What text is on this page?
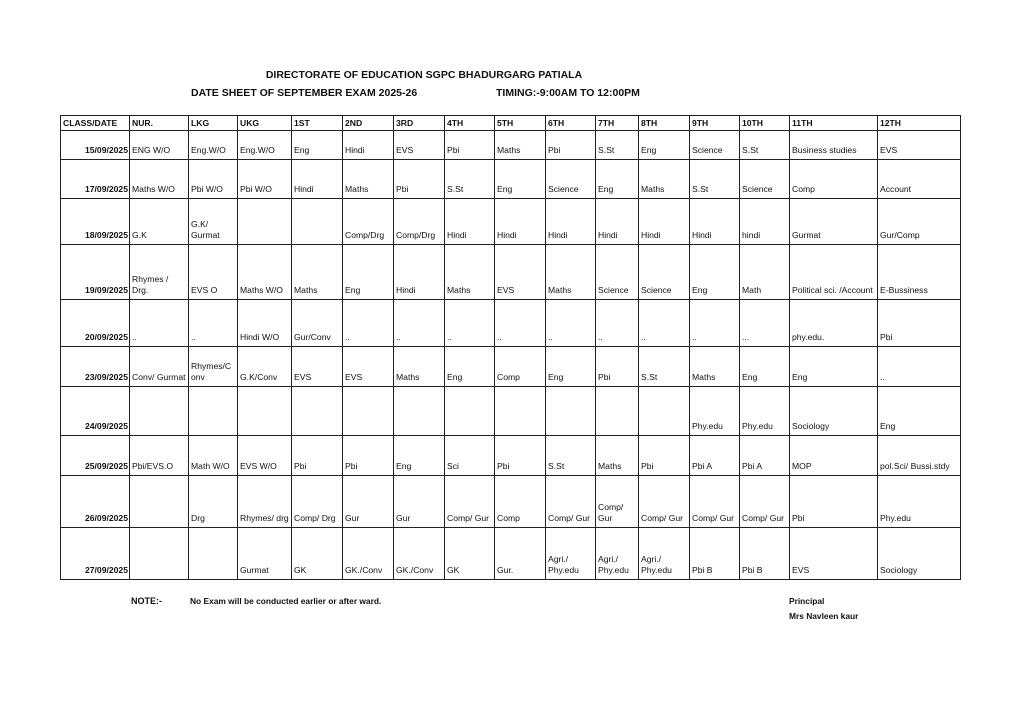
DIRECTORATE OF EDUCATION SGPC BHADURGARG PATIALA
DATE SHEET OF SEPTEMBER EXAM 2025-26	TIMING:-9:00AM TO 12:00PM
CLASS/DATE	NUR.	LKG	UKG	1ST	2ND	3RD	4TH	5TH	6TH	7TH	8TH	9TH	10TH	11TH	12TH
15/09/2025	ENG W/O	Eng.W/O	Eng.W/O	Eng	Hindi	EVS	Pbi	Maths	Pbi	S.St	Eng	Science	S.St	Business studies	EVS
17/09/2025	Maths W/O	Pbi W/O	Pbi W/O	Hindi	Maths	Pbi	S.St	Eng	Science	Eng	Maths	S.St	Science	Comp	Account
18/09/2025	G.K	G.K/ Gurmat			Comp/Drg	Comp/Drg	Hindi	Hindi	Hindi	Hindi	Hindi	Hindi	hindi	Gurmat	Gur/Comp
19/09/2025	Rhymes / Drg.	EVS O	Maths W/O	Maths	Eng	Hindi	Maths	EVS	Maths	Science	Science	Eng	Math	Political sci. /Account	E-Bussiness
20/09/2025	..	..	Hindi W/O	Gur/Conv	..	..	..	..	..	..	..	..	...	phy.edu.	Pbi
23/09/2025	Conv/ Gurmat	Rhymes/Conv	G.K/Conv	EVS	EVS	Maths	Eng	Comp	Eng	Pbi	S.St	Maths	Eng	Eng	..
24/09/2025												Phy.edu	Phy.edu	Sociology	Eng
25/09/2025	Pbi/EVS.O	Math W/O	EVS W/O	Pbi	Pbi	Eng	Sci	Pbi	S.St	Maths	Pbi	Pbi A	Pbi A	MOP	pol.Sci/ Bussi.stdy
26/09/2025		Drg	Rhymes/ drg	Comp/ Drg	Gur	Gur	Comp/ Gur	Comp	Comp/ Gur	Comp/ Gur	Comp/ Gur	Comp/ Gur	Comp/ Gur	Pbi	Phy.edu
27/09/2025			Gurmat	GK	GK./Conv	GK./Conv	GK	Gur.	Agri./ Phy.edu	Agri./ Phy.edu	Agri./ Phy.edu	Pbi B	Pbi B	EVS	Sociology
NOTE:-	No Exam will be conducted earlier or after ward.	Principal
Mrs Navleen kaur
